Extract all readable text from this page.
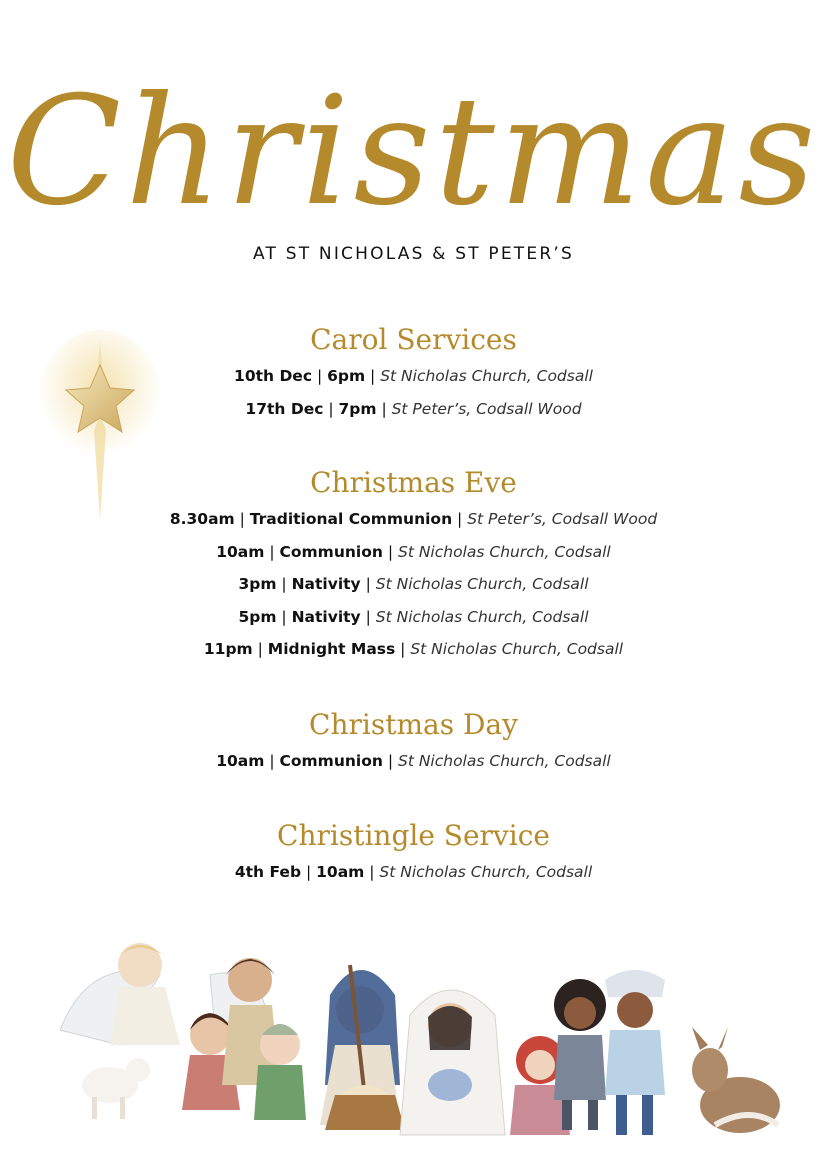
Christmas
AT ST NICHOLAS & ST PETER’S
Carol Services
10th Dec | 6pm | St Nicholas Church, Codsall
17th Dec | 7pm | St Peter’s, Codsall Wood
Christmas Eve
8.30am | Traditional Communion | St Peter’s, Codsall Wood
10am | Communion | St Nicholas Church, Codsall
3pm | Nativity | St Nicholas Church, Codsall
5pm | Nativity | St Nicholas Church, Codsall
11pm | Midnight Mass | St Nicholas Church, Codsall
Christmas Day
10am | Communion | St Nicholas Church, Codsall
Christingle Service
4th Feb | 10am | St Nicholas Church, Codsall
